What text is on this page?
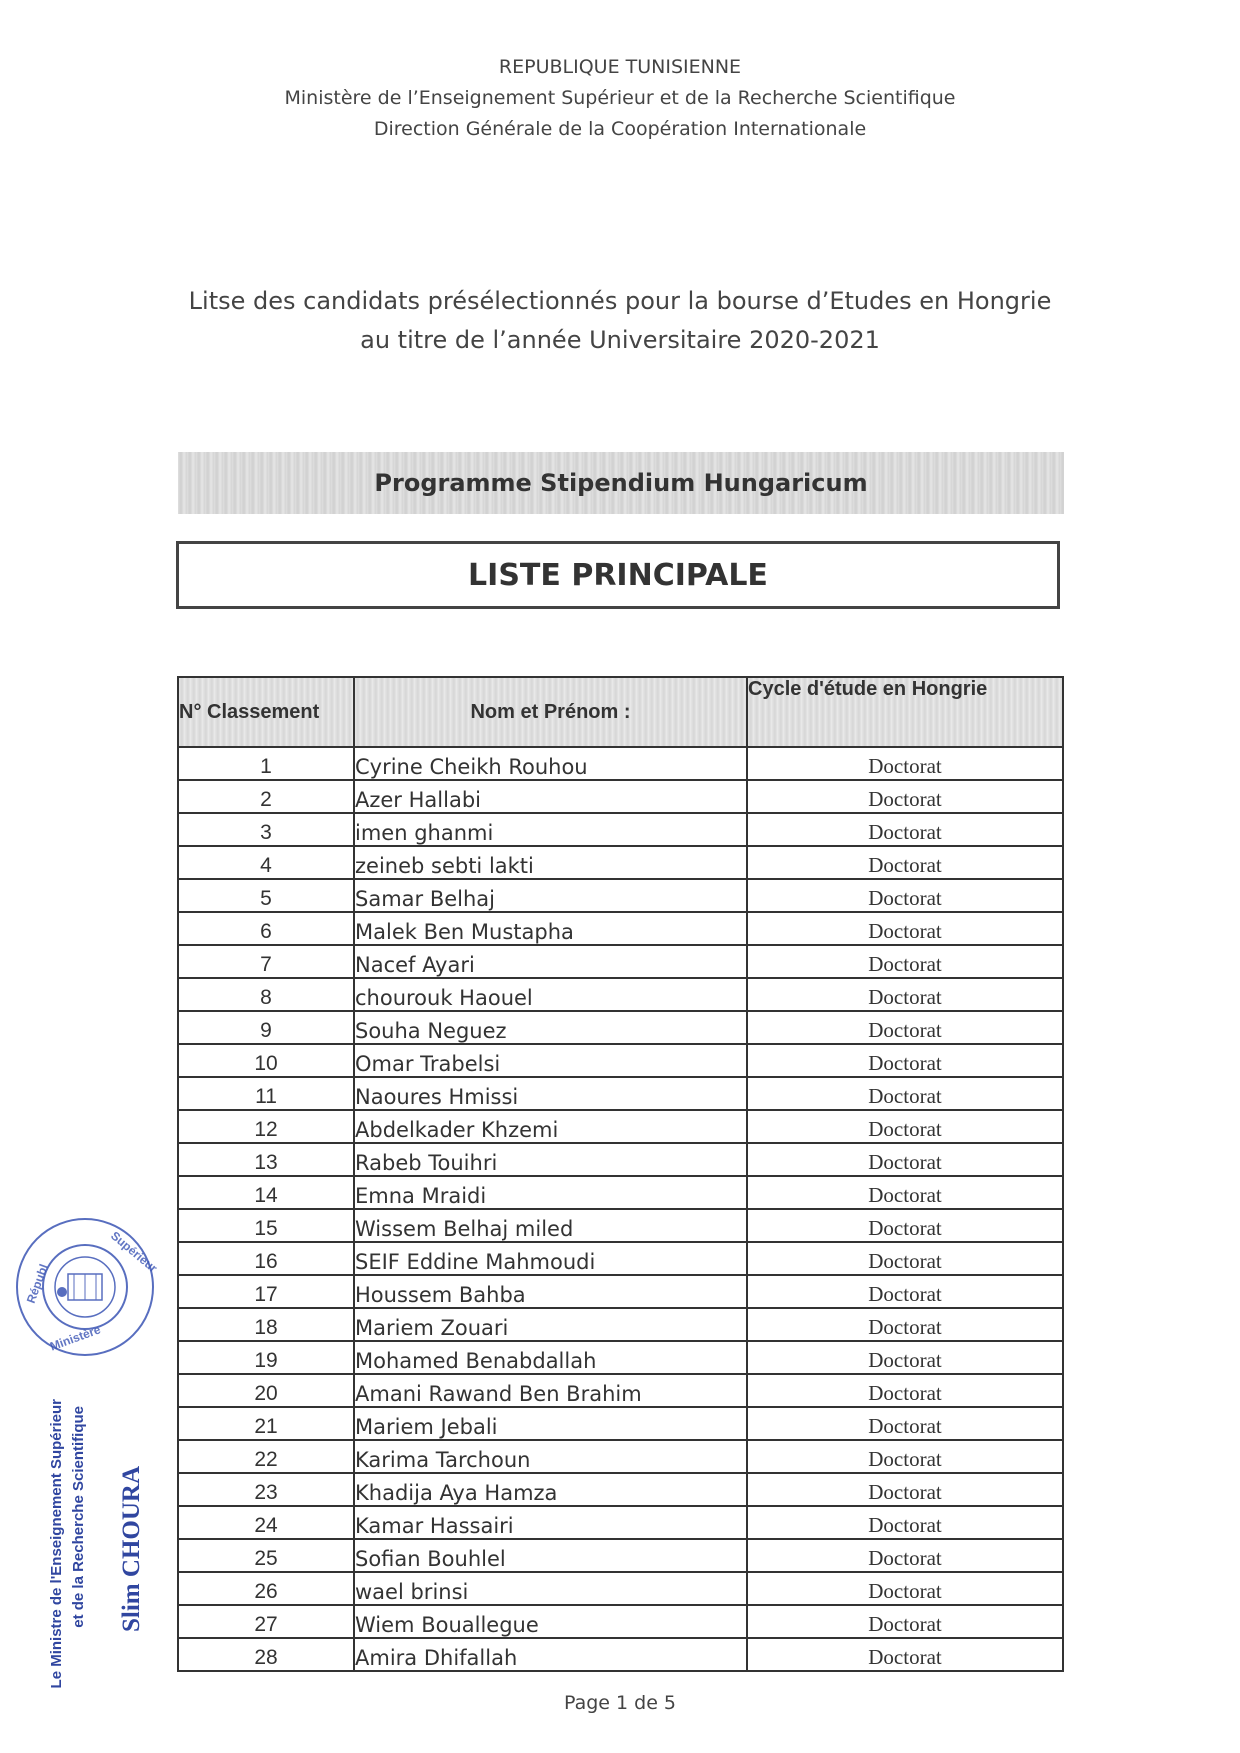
REPUBLIQUE TUNISIENNE
Ministère de l’Enseignement Supérieur et de la Recherche Scientifique
Direction Générale de la Coopération Internationale
Litse des candidats présélectionnés pour la bourse d’Etudes en Hongrie
au titre de l’année Universitaire 2020-2021
Programme Stipendium Hungaricum
LISTE PRINCIPALE
N° Classement	Nom et Prénom :	Cycle d'étude en Hongrie
1	Cyrine Cheikh Rouhou	Doctorat
2	Azer Hallabi	Doctorat
3	imen ghanmi	Doctorat
4	zeineb sebti lakti	Doctorat
5	Samar Belhaj	Doctorat
6	Malek Ben Mustapha	Doctorat
7	Nacef Ayari	Doctorat
8	chourouk Haouel	Doctorat
9	Souha Neguez	Doctorat
10	Omar Trabelsi	Doctorat
11	Naoures Hmissi	Doctorat
12	Abdelkader Khzemi	Doctorat
13	Rabeb Touihri	Doctorat
14	Emna Mraidi	Doctorat
15	Wissem Belhaj miled	Doctorat
16	SEIF Eddine Mahmoudi	Doctorat
17	Houssem Bahba	Doctorat
18	Mariem Zouari	Doctorat
19	Mohamed Benabdallah	Doctorat
20	Amani Rawand Ben Brahim	Doctorat
21	Mariem Jebali	Doctorat
22	Karima Tarchoun	Doctorat
23	Khadija Aya Hamza	Doctorat
24	Kamar Hassairi	Doctorat
25	Sofian Bouhlel	Doctorat
26	wael brinsi	Doctorat
27	Wiem Bouallegue	Doctorat
28	Amira Dhifallah	Doctorat
Républ
Ministère
Supérieur
Le Ministre de l'Enseignement Supérieur et de la Recherche Scientifique Slim CHOURA
Page 1 de 5
